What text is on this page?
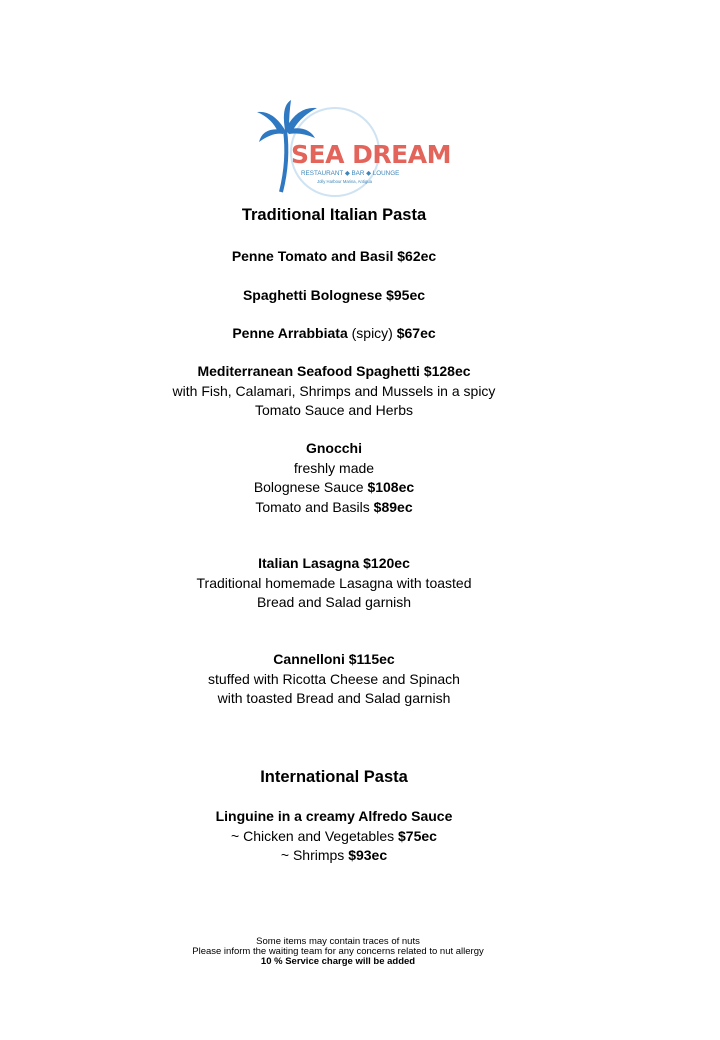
SEA DREAM
RESTAURANT ◆ BAR ◆ LOUNGE
Jolly Harbour Marina, Antigua
Traditional Italian Pasta
Penne Tomato and Basil $62ec
Spaghetti Bolognese $95ec
Penne Arrabbiata (spicy) $67ec
Mediterranean Seafood Spaghetti $128ec
with Fish, Calamari, Shrimps and Mussels in a spicy
Tomato Sauce and Herbs
Gnocchi
freshly made
Bolognese Sauce $108ec
Tomato and Basils $89ec
Italian Lasagna $120ec
Traditional homemade Lasagna with toasted
Bread and Salad garnish
Cannelloni $115ec
stuffed with Ricotta Cheese and Spinach
with toasted Bread and Salad garnish
International Pasta
Linguine in a creamy Alfredo Sauce
~ Chicken and Vegetables $75ec
~ Shrimps $93ec
Some items may contain traces of nuts
Please inform the waiting team for any concerns related to nut allergy
10 % Service charge will be added
